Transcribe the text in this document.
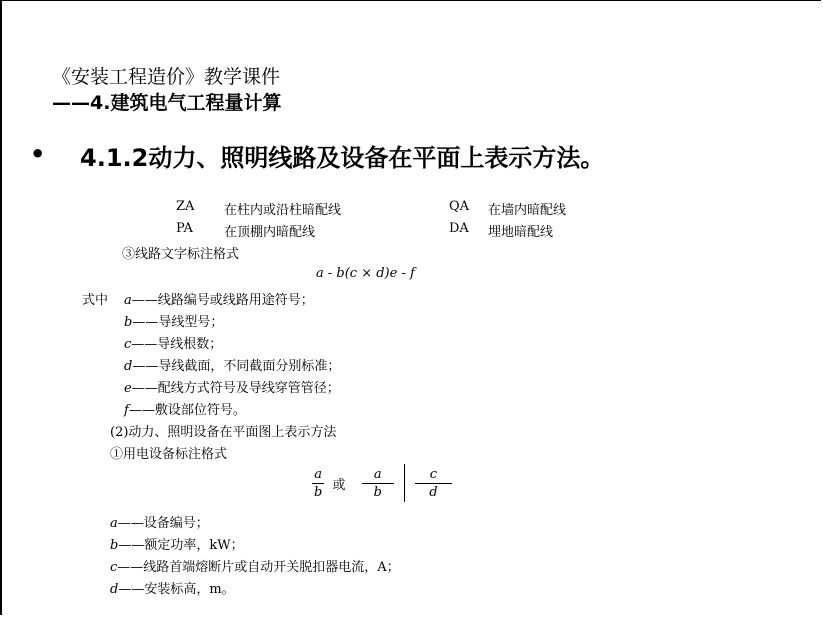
《安装工程造价》教学课件
——4.建筑电气工程量计算
• 4.1.2动力、照明线路及设备在平面上表示方法。
ZA 在柱内或沿柱暗配线	QA 在墙内暗配线
PA 在顶棚内暗配线	DA 埋地暗配线
③线路文字标注格式
a - b(c × d)e - f
式中 a——线路编号或线路用途符号；
b——导线型号；
c——导线根数；
d——导线截面，不同截面分别标准；
e——配线方式符号及导线穿管管径；
f——敷设部位符号。
(2)动力、照明设备在平面图上表示方法
①用电设备标注格式
$\frac{a}{b}$ 或 $\frac{a}{b}$
$\frac{c}{d}$
a——设备编号；
b——额定功率，kW；
c——线路首端熔断片或自动开关脱扣器电流，A；
d——安装标高，m。
